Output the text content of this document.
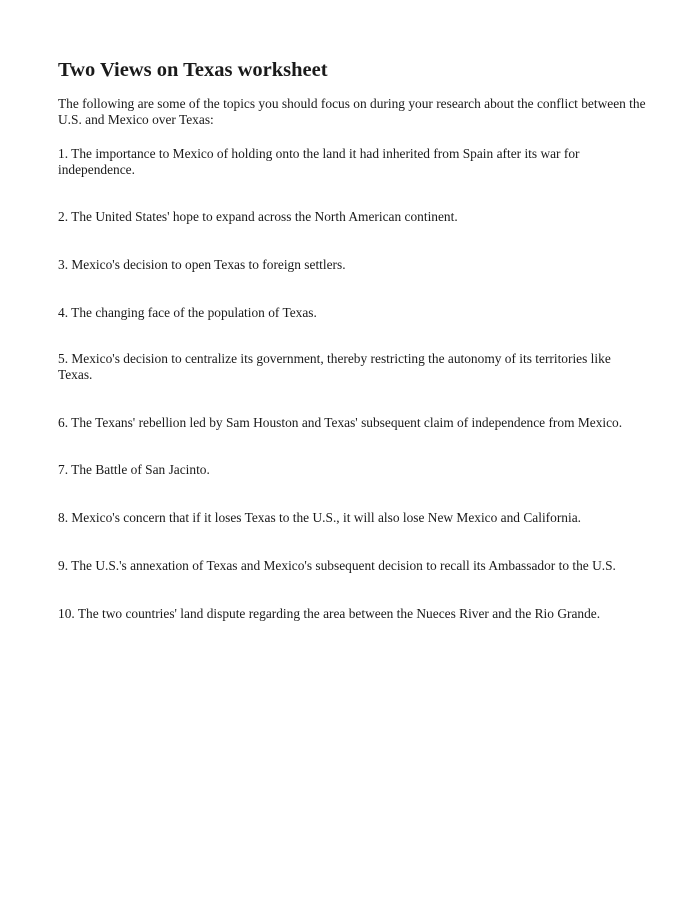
Two Views on Texas worksheet

The following are some of the topics you should focus on during your research about the conflict between the U.S. and Mexico over Texas:

1. The importance to Mexico of holding onto the land it had inherited from Spain after its war for independence.

2. The United States' hope to expand across the North American continent.

3. Mexico's decision to open Texas to foreign settlers.

4. The changing face of the population of Texas.

5. Mexico's decision to centralize its government, thereby restricting the autonomy of its territories like Texas.

6. The Texans' rebellion led by Sam Houston and Texas' subsequent claim of independence from Mexico.

7. The Battle of San Jacinto.

8. Mexico's concern that if it loses Texas to the U.S., it will also lose New Mexico and California.

9. The U.S.'s annexation of Texas and Mexico's subsequent decision to recall its Ambassador to the U.S.

10. The two countries' land dispute regarding the area between the Nueces River and the Rio Grande.
